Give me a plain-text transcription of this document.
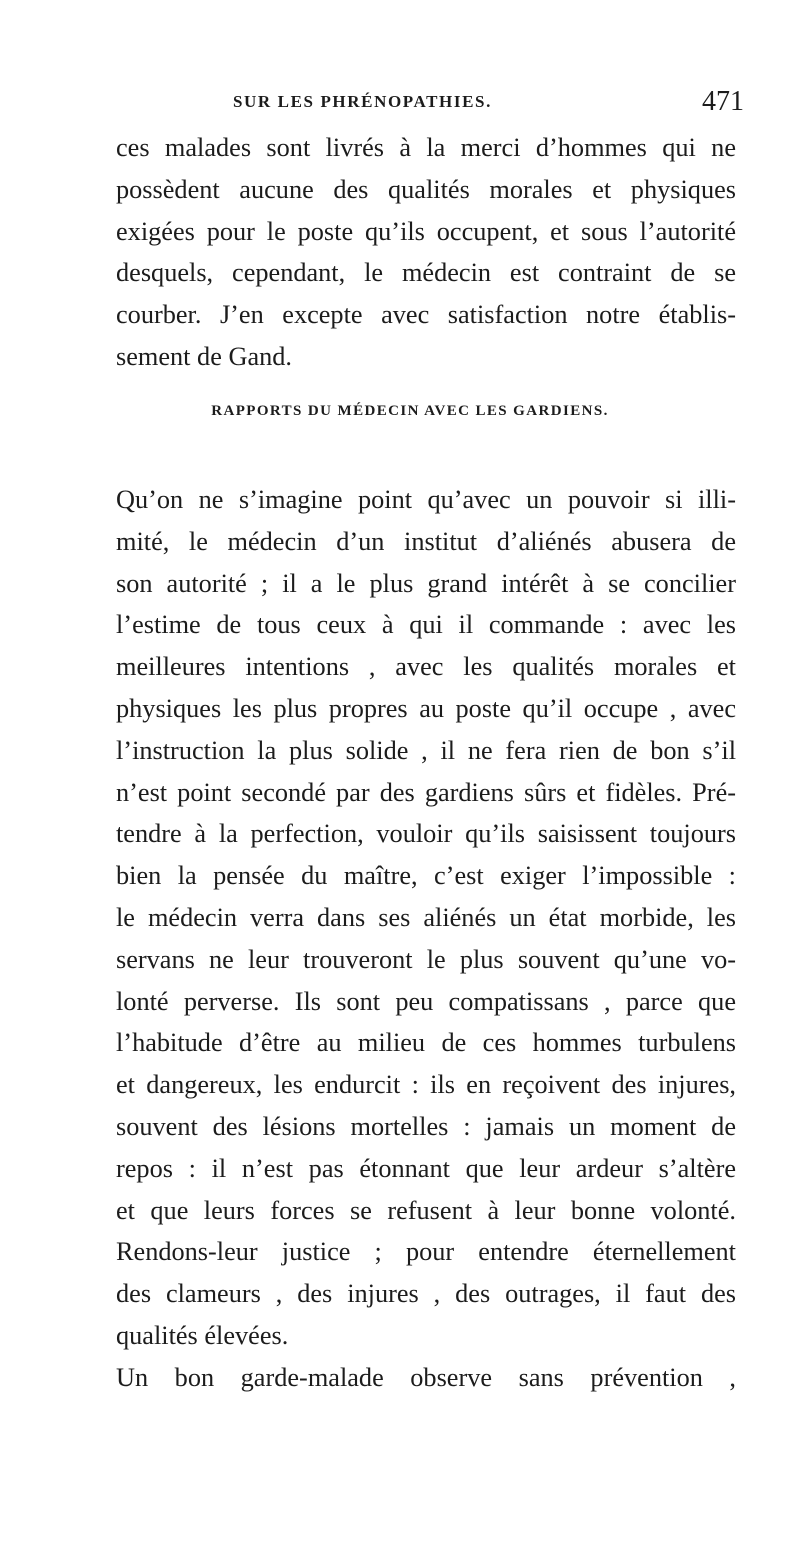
SUR LES PHRÉNOPATHIES.	471
ces malades sont livrés à la merci d’hommes qui ne
possèdent aucune des qualités morales et physiques
exigées pour le poste qu’ils occupent, et sous l’autorité
desquels, cependant, le médecin est contraint de se
courber. J’en excepte avec satisfaction notre établis-
sement de Gand.
RAPPORTS DU MÉDECIN AVEC LES GARDIENS.
Qu’on ne s’imagine point qu’avec un pouvoir si illi-
mité, le médecin d’un institut d’aliénés abusera de
son autorité ; il a le plus grand intérêt à se concilier
l’estime de tous ceux à qui il commande : avec les
meilleures intentions , avec les qualités morales et
physiques les plus propres au poste qu’il occupe , avec
l’instruction la plus solide , il ne fera rien de bon s’il
n’est point secondé par des gardiens sûrs et fidèles. Pré-
tendre à la perfection, vouloir qu’ils saisissent toujours
bien la pensée du maître, c’est exiger l’impossible :
le médecin verra dans ses aliénés un état morbide, les
servans ne leur trouveront le plus souvent qu’une vo-
lonté perverse. Ils sont peu compatissans , parce que
l’habitude d’être au milieu de ces hommes turbulens
et dangereux, les endurcit : ils en reçoivent des injures,
souvent des lésions mortelles : jamais un moment de
repos : il n’est pas étonnant que leur ardeur s’altère
et que leurs forces se refusent à leur bonne volonté.
Rendons-leur justice ; pour entendre éternellement
des clameurs , des injures , des outrages, il faut des
qualités élevées.
Un bon garde-malade observe sans prévention ,
